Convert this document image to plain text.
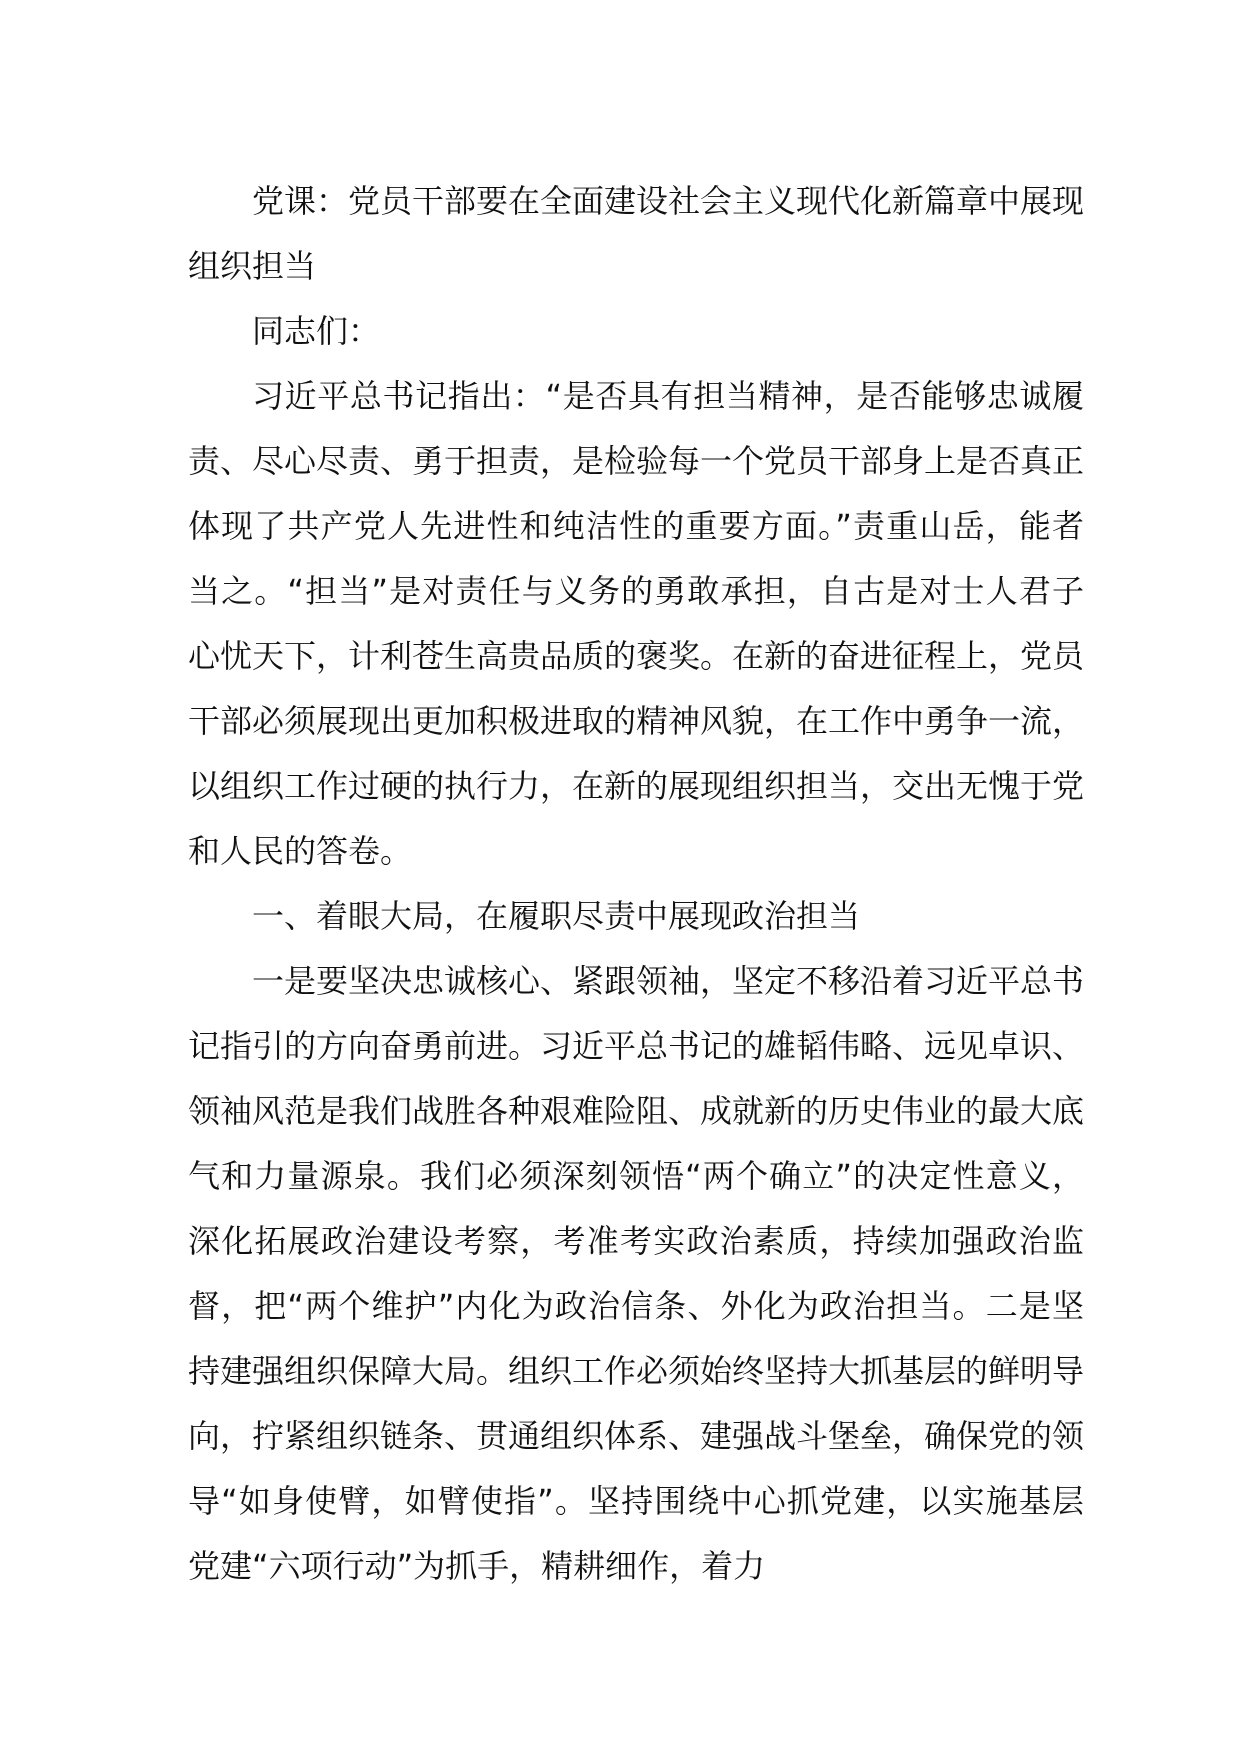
党课：党员干部要在全面建设社会主义现代化新篇章中展现组织担当

同志们：

习近平总书记指出：“是否具有担当精神，是否能够忠诚履责、尽心尽责、勇于担责，是检验每一个党员干部身上是否真正体现了共产党人先进性和纯洁性的重要方面。”责重山岳，能者当之。“担当”是对责任与义务的勇敢承担，自古是对士人君子心忧天下，计利苍生高贵品质的褒奖。在新的奋进征程上，党员干部必须展现出更加积极进取的精神风貌，在工作中勇争一流，以组织工作过硬的执行力，在新的展现组织担当，交出无愧于党和人民的答卷。

一、着眼大局，在履职尽责中展现政治担当

一是要坚决忠诚核心、紧跟领袖，坚定不移沿着习近平总书记指引的方向奋勇前进。习近平总书记的雄韬伟略、远见卓识、领袖风范是我们战胜各种艰难险阻、成就新的历史伟业的最大底气和力量源泉。我们必须深刻领悟“两个确立”的决定性意义，深化拓展政治建设考察，考准考实政治素质，持续加强政治监督，把“两个维护”内化为政治信条、外化为政治担当。二是坚持建强组织保障大局。组织工作必须始终坚持大抓基层的鲜明导向，拧紧组织链条、贯通组织体系、建强战斗堡垒，确保党的领导“如身使臂，如臂使指”。坚持围绕中心抓党建，以实施基层党建“六项行动”为抓手，精耕细作，着力
